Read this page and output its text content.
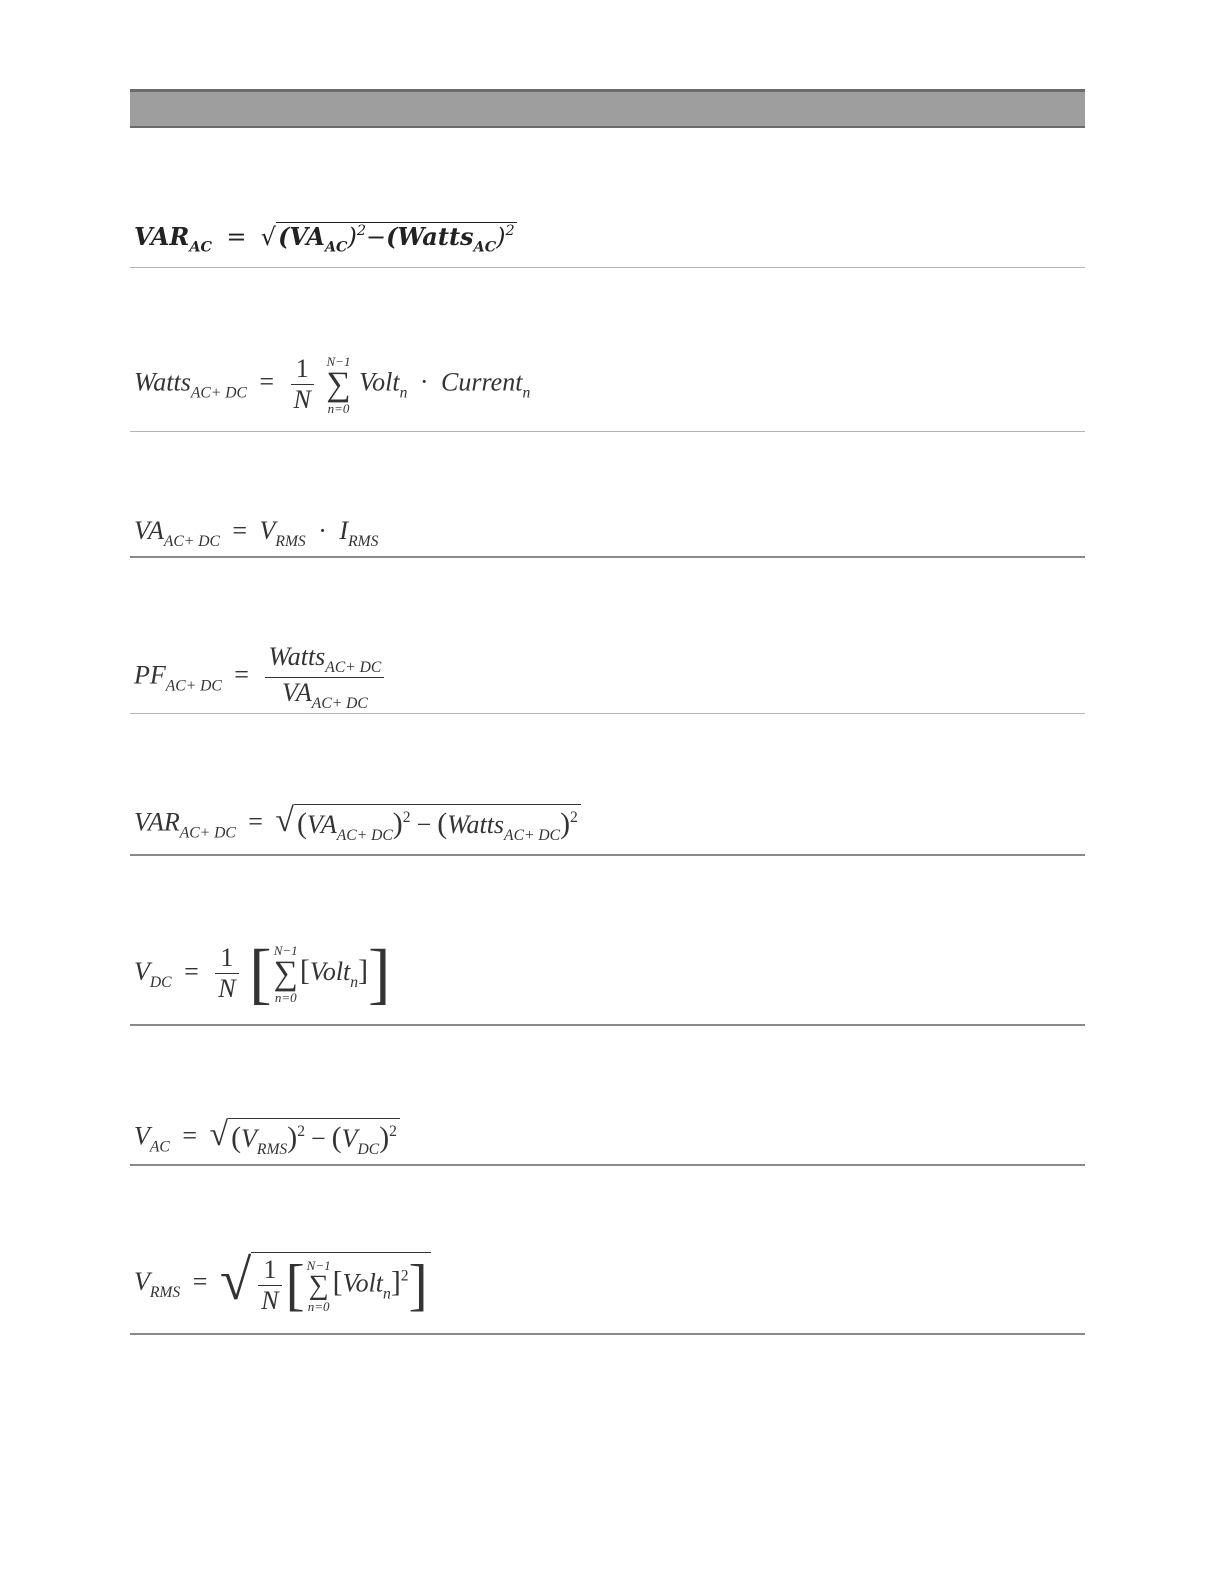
$VAR_{AC}$ = $√(VA_{AC})^2-(Watts_{AC})^2$
Watts$_{AC+ DC}$ = $\frac{1}{N}$
N−1
∑
n=0
Volt$_n$ · Current$_n$
$VA_{AC+ DC} = V_{RMS} \cdot I_{RMS}$
$PF_{AC+ DC} = \frac{Watts_{AC+ DC}}{VA_{AC+ DC}}$
$VAR_{AC+ DC}$ = √ $(VA_{AC+ DC})^2$ − (Watts$_{AC+ DC}$)$^2$
$V_{DC} = \frac{1}{N}$ [ N−1
∑
n=0
[Volt$_n$]]
$V_{AC}$ = √ $(V_{RMS})^2 - (V_{DC})^2$
$V_{RMS}$ = √ $\frac{1}{N}$ [ N−1
∑
n=0
[Volt$_n$]$^2$]
